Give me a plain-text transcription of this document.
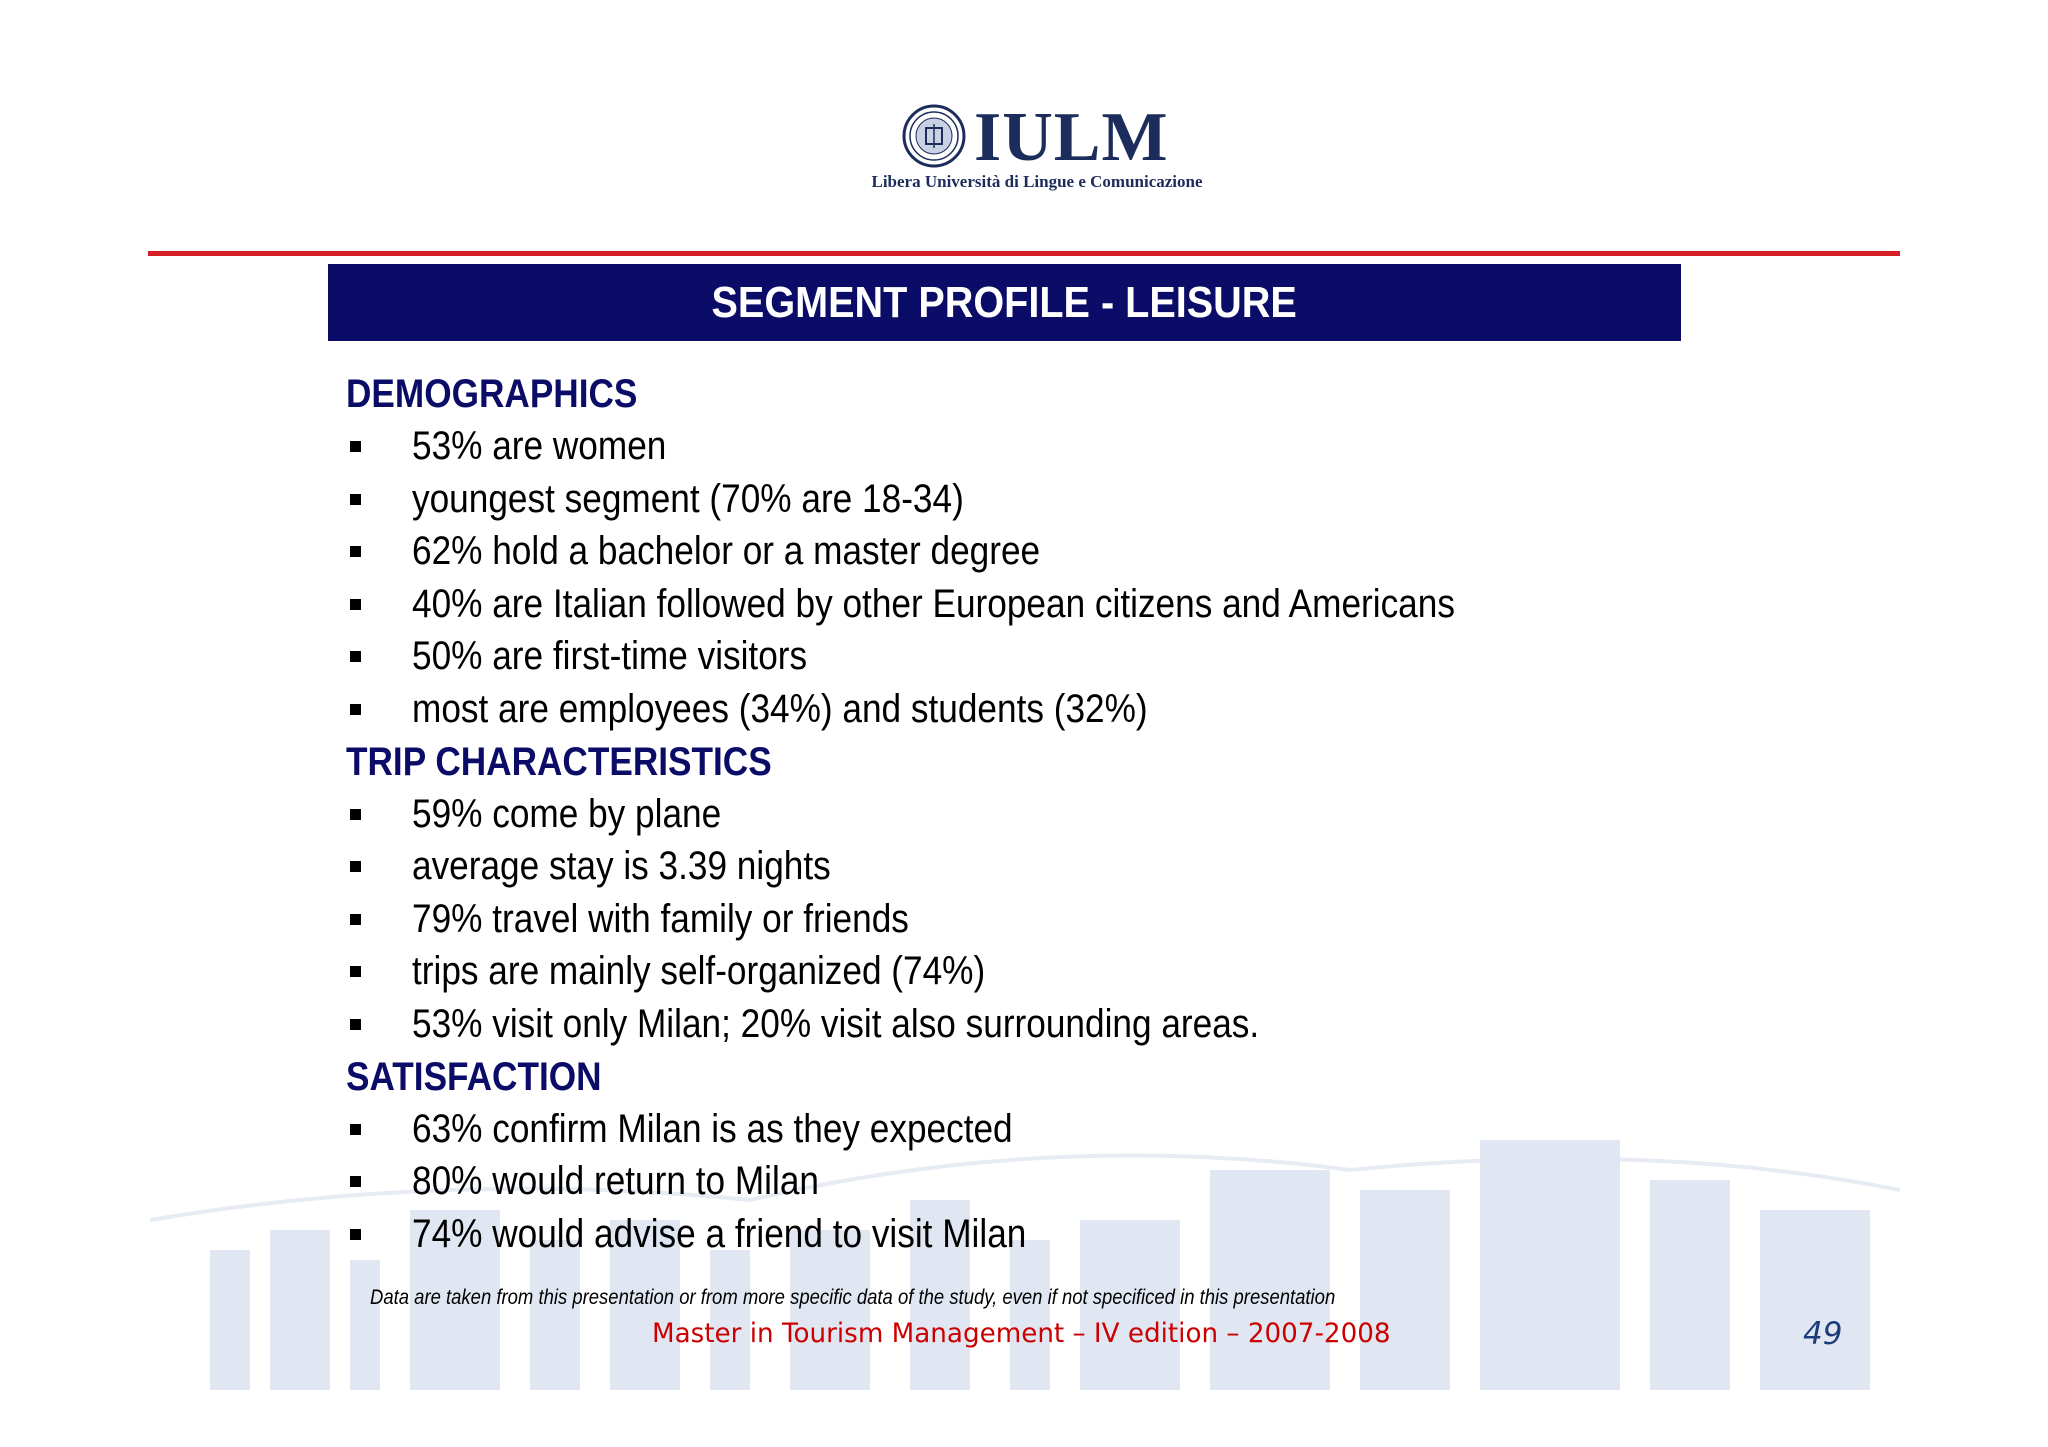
IULM
Libera Università di Lingue e Comunicazione
SEGMENT PROFILE - LEISURE
DEMOGRAPHICS
53% are women
youngest segment (70% are 18-34)
62% hold a bachelor or a master degree
40% are Italian followed by other European citizens and Americans
50% are first-time visitors
most are employees (34%) and students (32%)
TRIP CHARACTERISTICS
59% come by plane
average stay is 3.39 nights
79% travel with family or friends
trips are mainly self-organized (74%)
53% visit only Milan; 20% visit also surrounding areas.
SATISFACTION
63% confirm Milan is as they expected
80% would return to Milan
74% would advise a friend to visit Milan
Data are taken from this presentation or from more specific data of the study, even if not specificed in this presentation
Master in Tourism Management – IV edition – 2007-2008	49
